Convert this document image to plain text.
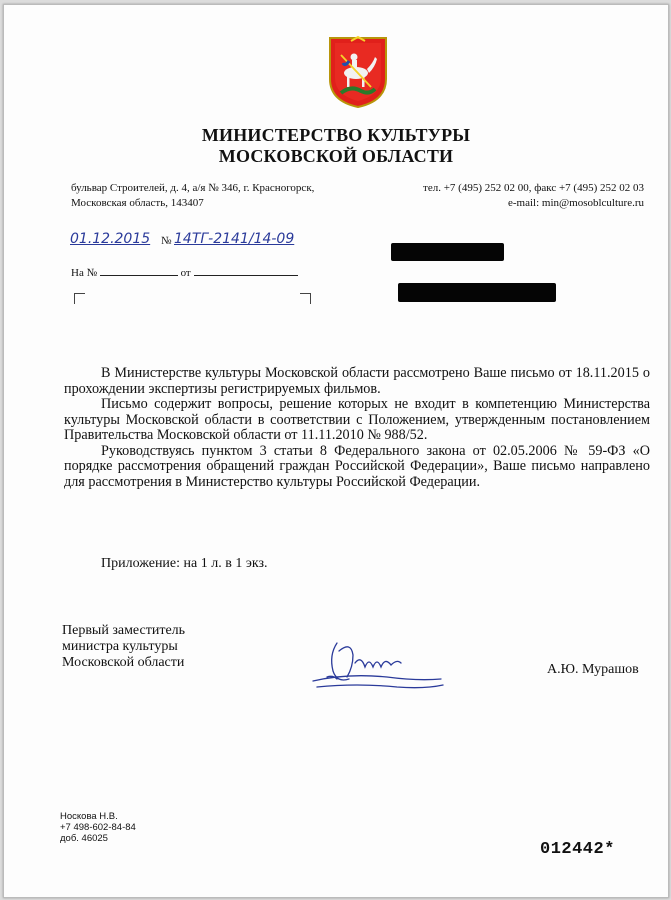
МИНИСТЕРСТВО КУЛЬТУРЫ
МОСКОВСКОЙ ОБЛАСТИ
бульвар Строителей, д. 4, а/я № 346, г. Красногорск,
Московская область, 143407
тел. +7 (495) 252 02 00, факс +7 (495) 252 02 03
e-mail: min@mosoblculture.ru
01.12.2015 № 14ТГ-2141/14-09
На №	от

В Министерстве культуры Московской области рассмотрено Ваше письмо от 18.11.2015 о прохождении экспертизы регистрируемых фильмов.

Письмо содержит вопросы, решение которых не входит в компетенцию Министерства культуры Московской области в соответствии с Положением, утвержденным постановлением Правительства Московской области от 11.11.2010 № 988/52.

Руководствуясь пунктом 3 статьи 8 Федерального закона от 02.05.2006 № 59-ФЗ «О порядке рассмотрения обращений граждан Российской Федерации», Ваше письмо направлено для рассмотрения в Министерство культуры Российской Федерации.

Приложение: на 1 л. в 1 экз.
Первый заместитель
министра культуры
Московской области	А.Ю. Мурашов
Носкова Н.В.
+7 498-602-84-84
доб. 46025
012442*
